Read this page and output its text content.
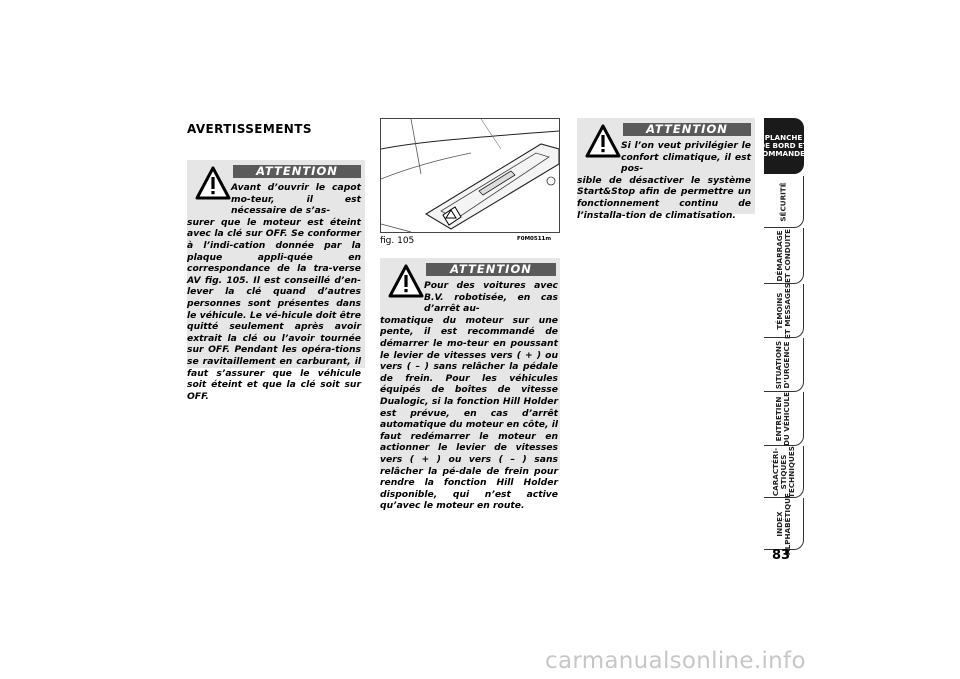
AVERTISSEMENTS
ATTENTION
Avant d’ouvrir le capot mo-teur, il est nécessaire de s’as-
surer que le moteur est éteint avec la clé sur OFF. Se conformer à l’indi-cation donnée par la plaque appli-quée en correspondance de la tra-verse AV fig. 105. Il est conseillé d’en-lever la clé quand d’autres personnes sont présentes dans le véhicule. Le vé-hicule doit être quitté seulement après avoir extrait la clé ou l’avoir tournée sur OFF. Pendant les opéra-tions se ravitaillement en carburant, il faut s’assurer que le véhicule soit éteint et que la clé soit sur OFF.
fig. 105	F0M0511m
ATTENTION
Pour des voitures avec B.V. robotisée, en cas d’arrêt au-
tomatique du moteur sur une pente, il est recommandé de démarrer le mo-teur en poussant le levier de vitesses vers ( + ) ou vers ( – ) sans relâcher la pédale de frein. Pour les véhicules équipés de boîtes de vitesse Dualogic, si la fonction Hill Holder est prévue, en cas d’arrêt automatique du moteur en côte, il faut redémarrer le moteur en actionner le levier de vitesses vers ( + ) ou vers ( – ) sans relâcher la pé-dale de frein pour rendre la fonction Hill Holder disponible, qui n’est active qu’avec le moteur en route.
ATTENTION
Si l’on veut privilégier le confort climatique, il est pos-
sible de désactiver le système Start&Stop afin de permettre un fonctionnement continu de l’installa-tion de climatisation.
PLANCHE
DE BORD ET
COMMANDES
SÉCURITÉ
DÉMARRAGE
ET CONDUITE
TÉMOINS
ET MESSAGES
SITUATIONS
D’URGENCE
ENTRETIEN
DU VÉHICULE
CARACTÉRI-
STIQUES
TECHNIQUES
INDEX
ALPHABÉTIQUE
83
carmanualsonline.info
